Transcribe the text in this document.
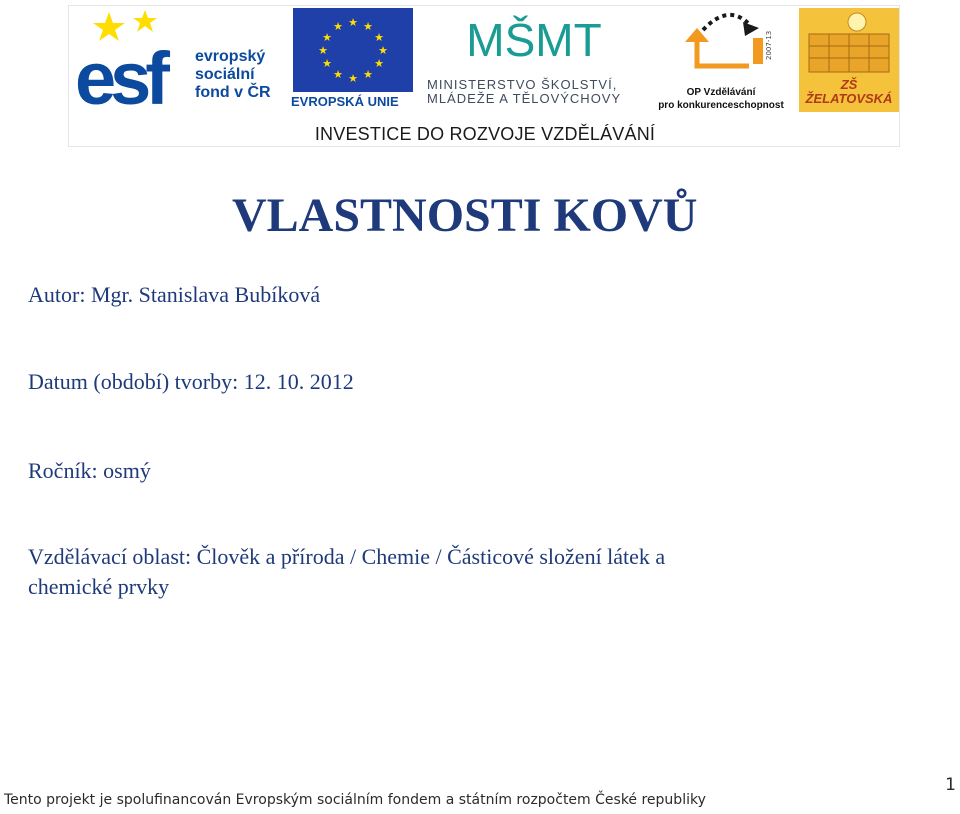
esf evropský
sociální
fond v ČR
★ ★
★
★
★
★
★
★
★
★
★
★
EVROPSKÁ UNIE
MŠMT
MINISTERSTVO ŠKOLSTVÍ,
MLÁDEŽE A TĚLOVÝCHOVY
2007-13
OP Vzdělávání
pro konkurenceschopnost
ZŠ
ŽELATOVSKÁ
INVESTICE DO ROZVOJE VZDĚLÁVÁNÍ
VLASTNOSTI KOVŮ
Autor: Mgr. Stanislava Bubíková
Datum (období) tvorby: 12. 10. 2012
Ročník: osmý
Vzdělávací oblast: Člověk a příroda / Chemie / Částicové složení látek a chemické prvky
Tento projekt je spolufinancován Evropským sociálním fondem a státním rozpočtem České republiky
1
